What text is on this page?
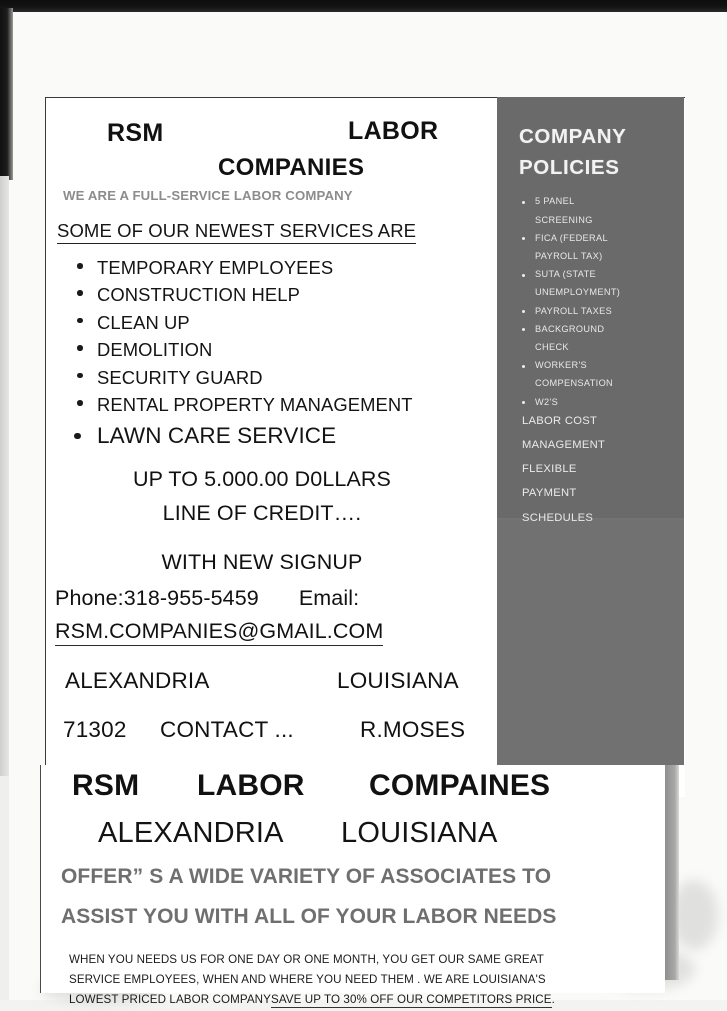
COMPANY
POLICIES
5 PANEL
SCREENING
FICA (FEDERAL
PAYROLL TAX)
SUTA (STATE
UNEMPLOYMENT)
PAYROLL TAXES
BACKGROUND
CHECK
WORKER'S
COMPENSATION
W2'S
LABOR COST
MANAGEMENT
FLEXIBLE
PAYMENT
SCHEDULES
RSM	LABOR
COMPANIES
WE ARE A FULL-SERVICE LABOR COMPANY
SOME OF OUR NEWEST SERVICES ARE
TEMPORARY EMPLOYEES
CONSTRUCTION HELP
CLEAN UP
DEMOLITION
SECURITY GUARD
RENTAL PROPERTY MANAGEMENT
LAWN CARE SERVICE
UP TO 5.000.00 D0LLARS
LINE OF CREDIT….
WITH NEW SIGNUP
Phone:318-955-5459 Email:
RSM.COMPANIES@GMAIL.COM
ALEXANDRIA	LOUISIANA
71302 CONTACT ...	R.MOSES
RSM LABOR COMPAINES
ALEXANDRIA LOUISIANA
OFFER” S A WIDE VARIETY OF ASSOCIATES TO
ASSIST YOU WITH ALL OF YOUR LABOR NEEDS
WHEN YOU NEEDS US FOR ONE DAY OR ONE MONTH, YOU GET OUR SAME GREAT
SERVICE EMPLOYEES, WHEN AND WHERE YOU NEED THEM . WE ARE LOUISIANA'S
LOWEST PRICED LABOR COMPANYSAVE UP TO 30% OFF OUR COMPETITORS PRICE.
